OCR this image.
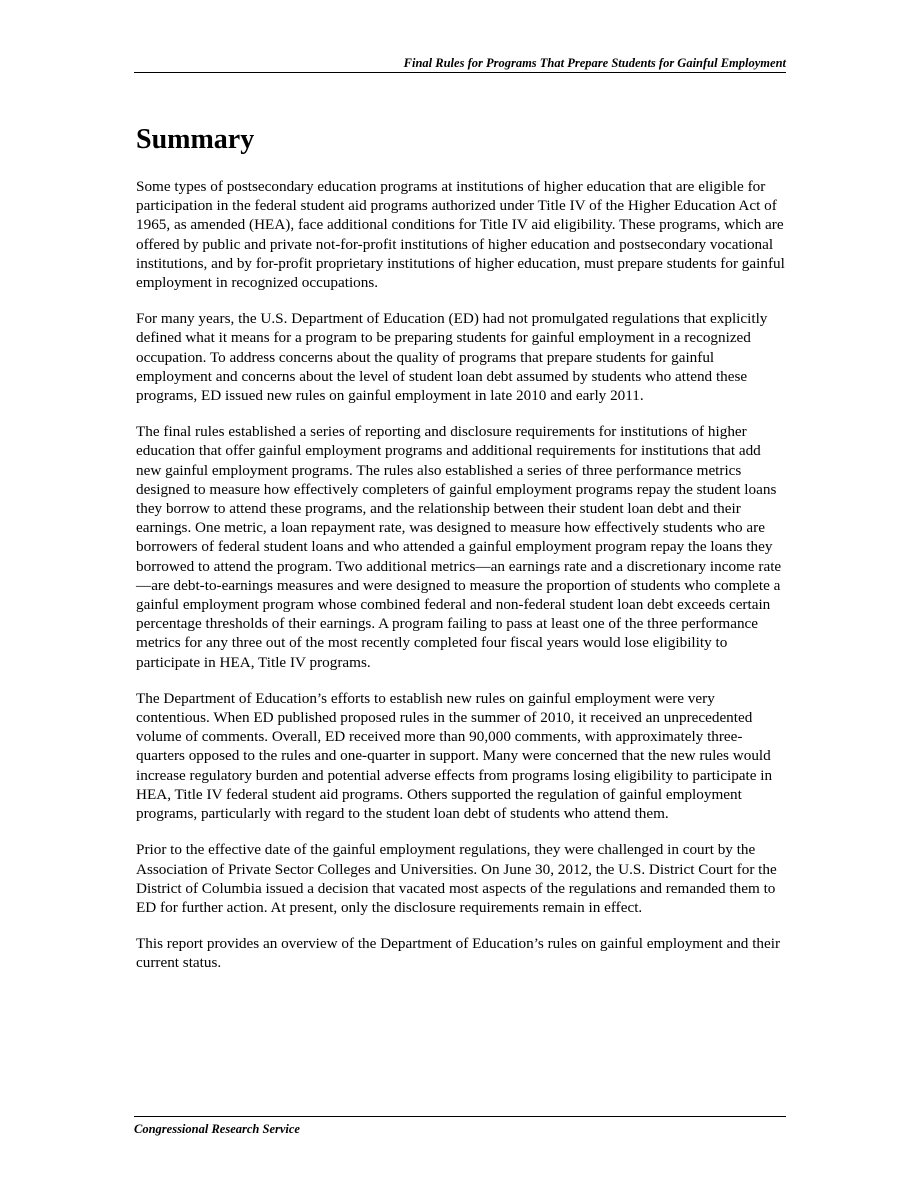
Final Rules for Programs That Prepare Students for Gainful Employment
Summary

Some types of postsecondary education programs at institutions of higher education that are eligible for participation in the federal student aid programs authorized under Title IV of the Higher Education Act of 1965, as amended (HEA), face additional conditions for Title IV aid eligibility. These programs, which are offered by public and private not-for-profit institutions of higher education and postsecondary vocational institutions, and by for-profit proprietary institutions of higher education, must prepare students for gainful employment in recognized occupations.

For many years, the U.S. Department of Education (ED) had not promulgated regulations that explicitly defined what it means for a program to be preparing students for gainful employment in a recognized occupation. To address concerns about the quality of programs that prepare students for gainful employment and concerns about the level of student loan debt assumed by students who attend these programs, ED issued new rules on gainful employment in late 2010 and early 2011.

The final rules established a series of reporting and disclosure requirements for institutions of higher education that offer gainful employment programs and additional requirements for institutions that add new gainful employment programs. The rules also established a series of three performance metrics designed to measure how effectively completers of gainful employment programs repay the student loans they borrow to attend these programs, and the relationship between their student loan debt and their earnings. One metric, a loan repayment rate, was designed to measure how effectively students who are borrowers of federal student loans and who attended a gainful employment program repay the loans they borrowed to attend the program. Two additional metrics—an earnings rate and a discretionary income rate—are debt-to-earnings measures and were designed to measure the proportion of students who complete a gainful employment program whose combined federal and non-federal student loan debt exceeds certain percentage thresholds of their earnings. A program failing to pass at least one of the three performance metrics for any three out of the most recently completed four fiscal years would lose eligibility to participate in HEA, Title IV programs.

The Department of Education’s efforts to establish new rules on gainful employment were very contentious. When ED published proposed rules in the summer of 2010, it received an unprecedented volume of comments. Overall, ED received more than 90,000 comments, with approximately three-quarters opposed to the rules and one-quarter in support. Many were concerned that the new rules would increase regulatory burden and potential adverse effects from programs losing eligibility to participate in HEA, Title IV federal student aid programs. Others supported the regulation of gainful employment programs, particularly with regard to the student loan debt of students who attend them.

Prior to the effective date of the gainful employment regulations, they were challenged in court by the Association of Private Sector Colleges and Universities. On June 30, 2012, the U.S. District Court for the District of Columbia issued a decision that vacated most aspects of the regulations and remanded them to ED for further action. At present, only the disclosure requirements remain in effect.

This report provides an overview of the Department of Education’s rules on gainful employment and their current status.

Congressional Research Service
